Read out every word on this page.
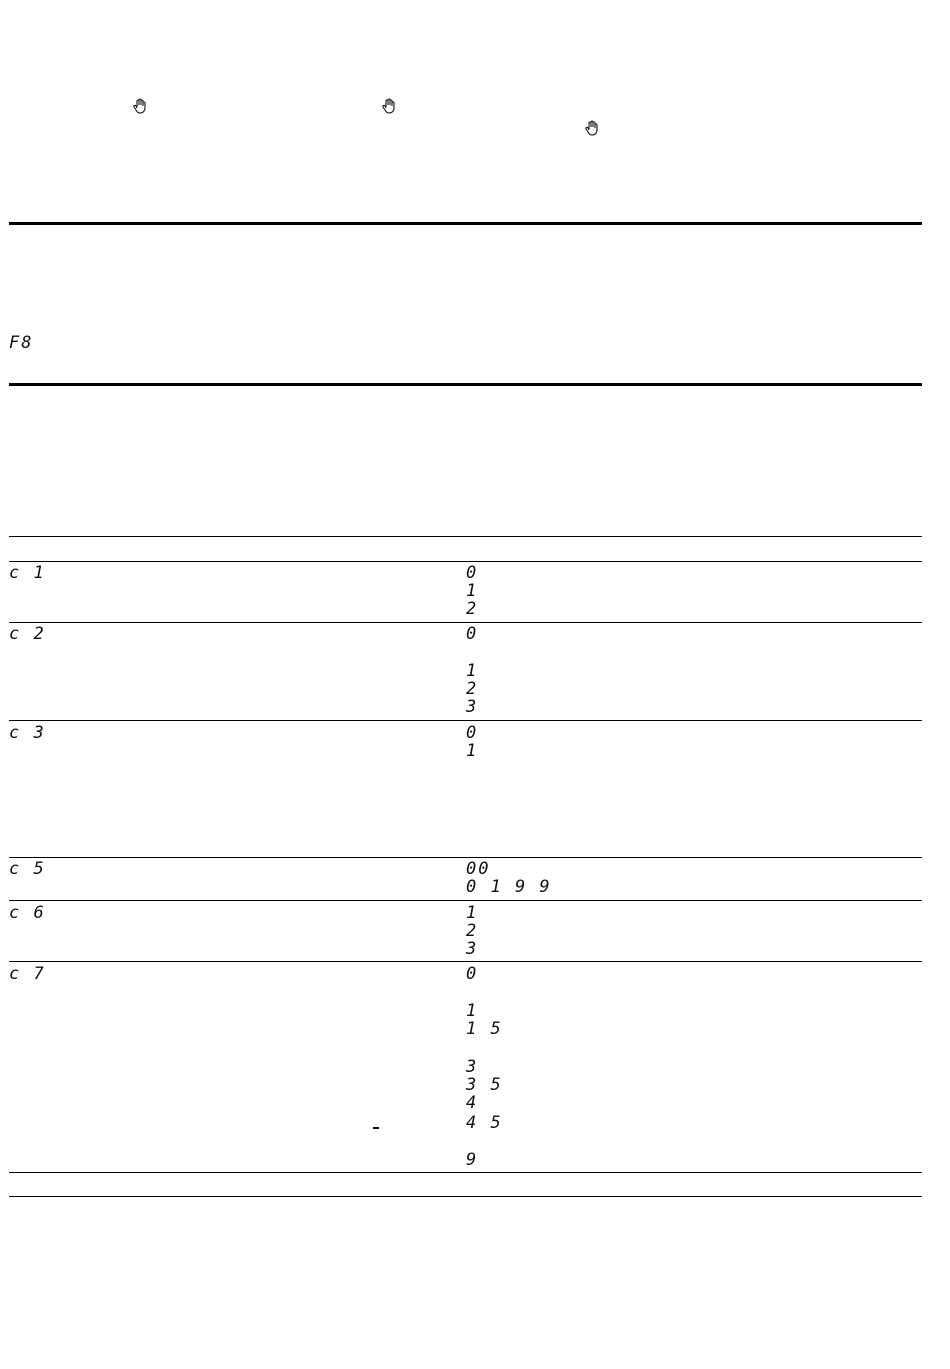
F8
c 1	0
1
2
c 2	0
1
2
3
c 3	0
1
c 5	00
0 1 9 9
c 6	1
2
3
c 7	0
1
1 5
3
3 5
4
4 5
9
